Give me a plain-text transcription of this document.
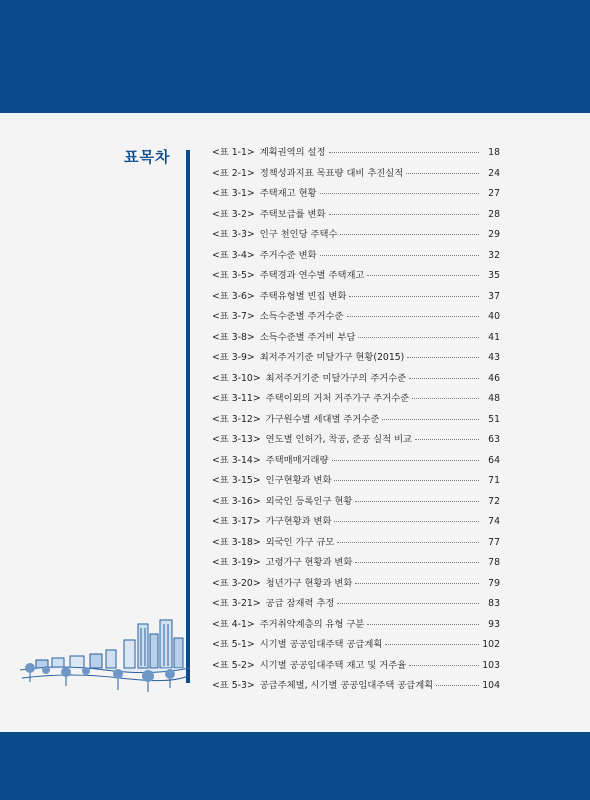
표목차	<표 1-1> 계획권역의 설정	18
<표 2-1> 정책성과지표 목표량 대비 추진실적	24
<표 3-1> 주택재고 현황	27
<표 3-2> 주택보급률 변화	28
<표 3-3> 인구 천인당 주택수	29
<표 3-4> 주거수준 변화	32
<표 3-5> 주택경과 연수별 주택재고	35
<표 3-6> 주택유형별 빈집 변화	37
<표 3-7> 소득수준별 주거수준	40
<표 3-8> 소득수준별 주거비 부담	41
<표 3-9> 최저주거기준 미달가구 현황(2015)	43
<표 3-10> 최저주거기준 미달가구의 주거수준	46
<표 3-11> 주택이외의 거처 거주가구 주거수준	48
<표 3-12> 가구원수별 세대별 주거수준	51
<표 3-13> 연도별 인허가, 착공, 준공 실적 비교	63
<표 3-14> 주택매매거래량	64
<표 3-15> 인구현황과 변화	71
<표 3-16> 외국인 등록인구 현황	72
<표 3-17> 가구현황과 변화	74
<표 3-18> 외국인 가구 규모	77
<표 3-19> 고령가구 현황과 변화	78
<표 3-20> 청년가구 현황과 변화	79
<표 3-21> 공급 잠재력 추정	83
<표 4-1> 주거취약계층의 유형 구분	93
<표 5-1> 시기별 공공임대주택 공급계획	102
<표 5-2> 시기별 공공임대주택 재고 및 거주율	103
<표 5-3> 공급주체별, 시기별 공공임대주택 공급계획	104
